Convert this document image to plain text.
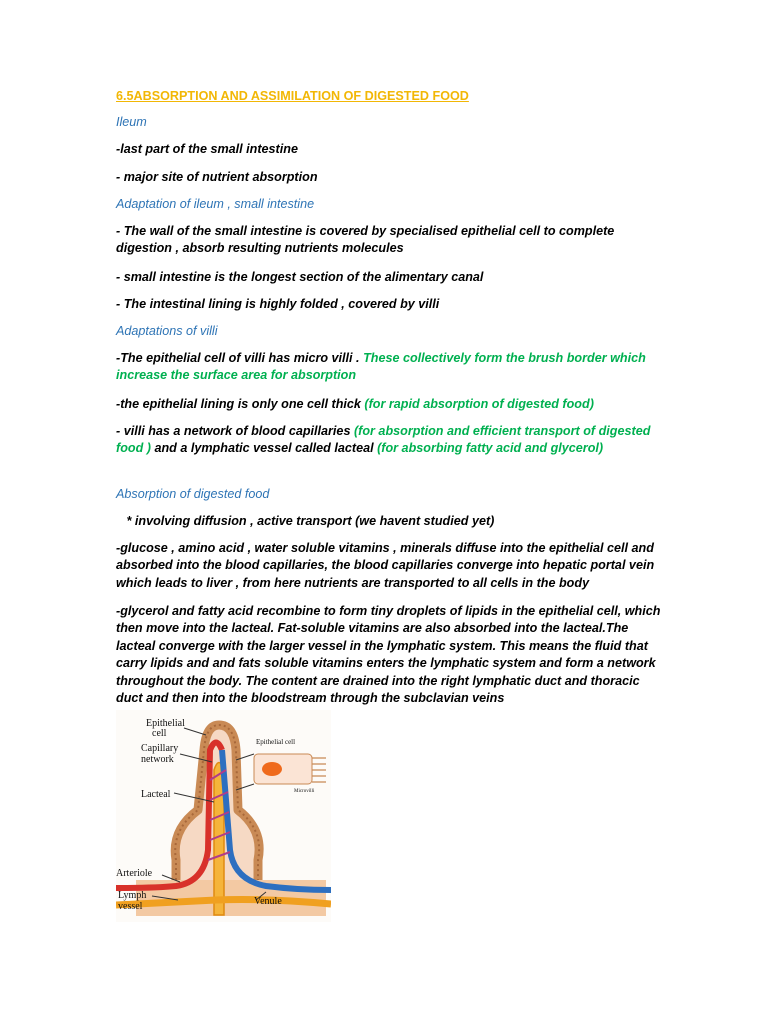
6.5ABSORPTION AND ASSIMILATION OF DIGESTED FOOD

Ileum

-last part of the small intestine

- major site of nutrient absorption

Adaptation of ileum , small intestine

- The wall of the small intestine is covered by specialised epithelial cell to complete digestion , absorb resulting nutrients molecules

- small intestine is the longest section of the alimentary canal

- The intestinal lining is highly folded , covered by villi

Adaptations of villi

-The epithelial cell of villi has micro villi . These collectively form the brush border which increase the surface area for absorption

-the epithelial lining is only one cell thick (for rapid absorption of digested food)

- villi has a network of blood capillaries (for absorption and efficient transport of digested food ) and a lymphatic vessel called lacteal (for absorbing fatty acid and glycerol)

Absorption of digested food

* involving diffusion , active transport (we havent studied yet)

-glucose , amino acid , water soluble vitamins , minerals diffuse into the epithelial cell and absorbed into the blood capillaries, the blood capillaries converge into hepatic portal vein which leads to liver , from here nutrients are transported to all cells in the body

-glycerol and fatty acid recombine to form tiny droplets of lipids in the epithelial cell, which then move into the lacteal. Fat-soluble vitamins are also absorbed into the lacteal.The lacteal converge with the larger vessel in the lymphatic system. This means the fluid that carry lipids and and fats soluble vitamins enters the lymphatic system and form a network throughout the body. The content are drained into the right lymphatic duct and thoracic duct and then into the bloodstream through the subclavian veins

Epithelial
cell
Capillary
network
Lacteal
Arteriole
Lymph
vessel	Venule
Epithelial cell
Microvilli
